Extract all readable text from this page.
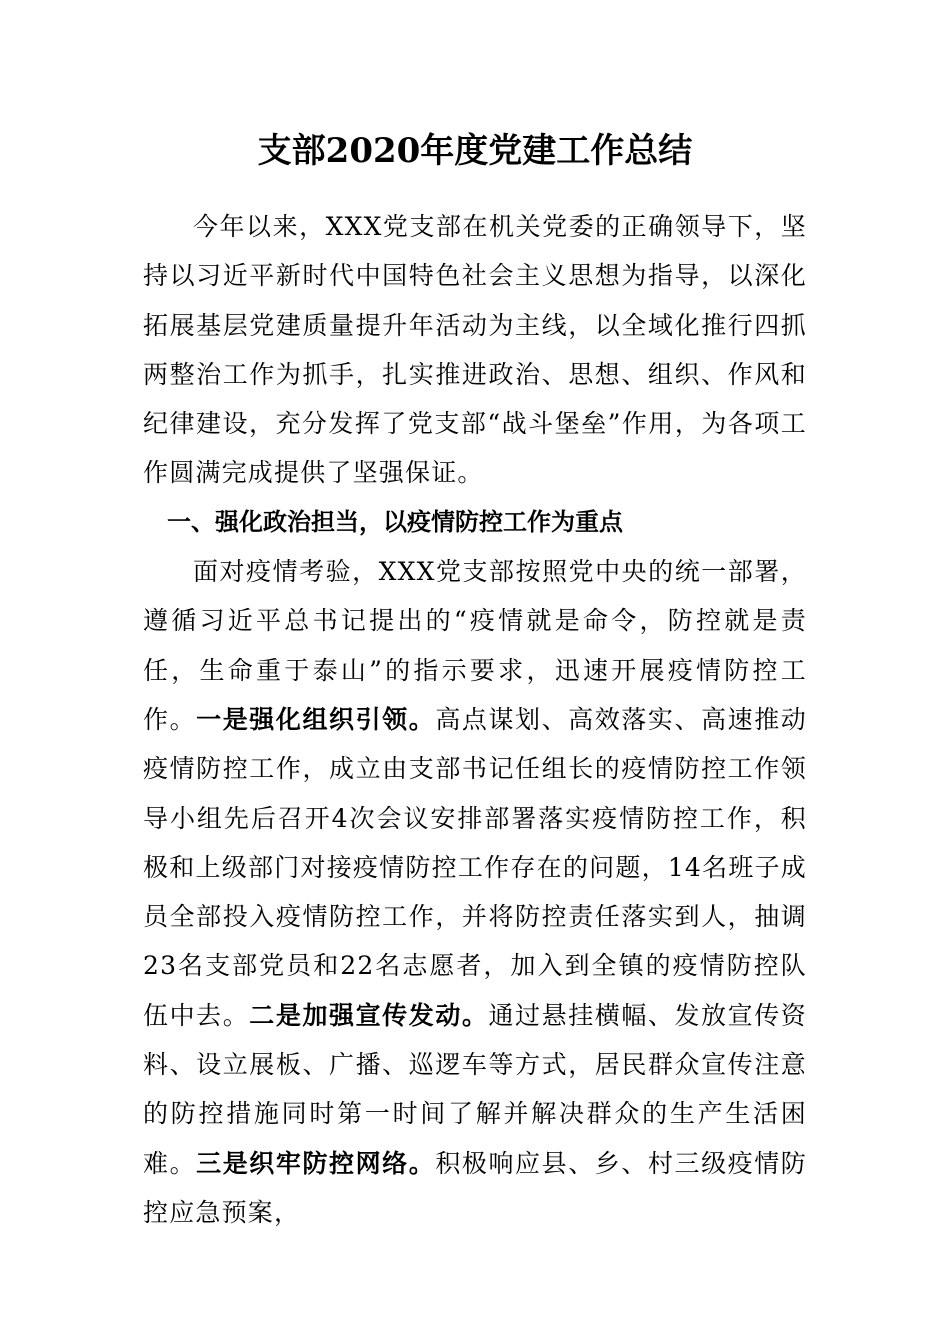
支部2020年度党建工作总结

今年以来，XXX党支部在机关党委的正确领导下，坚持以习近平新时代中国特色社会主义思想为指导，以深化拓展基层党建质量提升年活动为主线，以全域化推行四抓两整治工作为抓手，扎实推进政治、思想、组织、作风和纪律建设，充分发挥了党支部“战斗堡垒”作用，为各项工作圆满完成提供了坚强保证。

一、强化政治担当，以疫情防控工作为重点

面对疫情考验，XXX党支部按照党中央的统一部署，遵循习近平总书记提出的“疫情就是命令，防控就是责任，生命重于泰山”的指示要求，迅速开展疫情防控工作。一是强化组织引领。高点谋划、高效落实、高速推动疫情防控工作，成立由支部书记任组长的疫情防控工作领导小组先后召开4次会议安排部署落实疫情防控工作，积极和上级部门对接疫情防控工作存在的问题，14名班子成员全部投入疫情防控工作，并将防控责任落实到人，抽调23名支部党员和22名志愿者，加入到全镇的疫情防控队伍中去。二是加强宣传发动。通过悬挂横幅、发放宣传资料、设立展板、广播、巡逻车等方式，居民群众宣传注意的防控措施同时第一时间了解并解决群众的生产生活困难。三是织牢防控网络。积极响应县、乡、村三级疫情防控应急预案，
